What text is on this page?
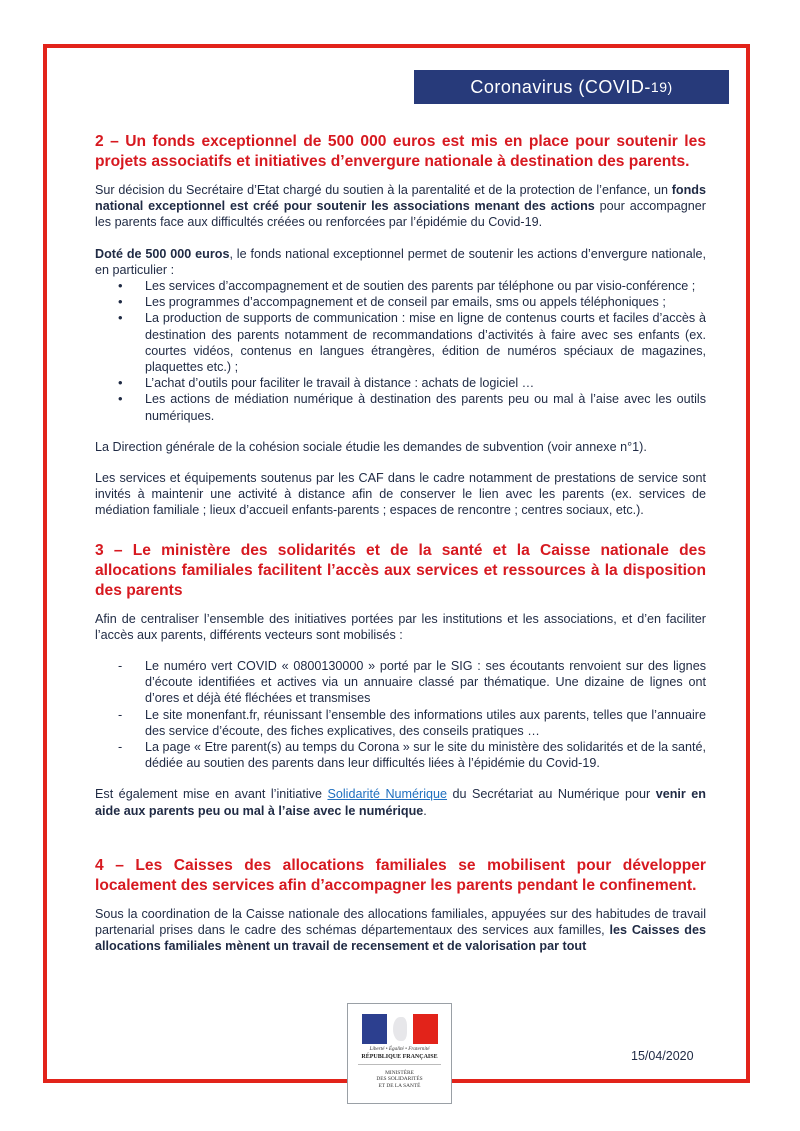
Coronavirus (COVID- 19)
2 – Un fonds exceptionnel de 500 000 euros est mis en place pour soutenir les projets associatifs et initiatives d’envergure nationale à destination des parents.

Sur décision du Secrétaire d’Etat chargé du soutien à la parentalité et de la protection de l’enfance, un fonds national exceptionnel est créé pour soutenir les associations menant des actions pour accompagner les parents face aux difficultés créées ou renforcées par l’épidémie du Covid-19.

Doté de 500 000 euros, le fonds national exceptionnel permet de soutenir les actions d’envergure nationale, en particulier :

• Les services d’accompagnement et de soutien des parents par téléphone ou par visio-conférence ;
• Les programmes d’accompagnement et de conseil par emails, sms ou appels téléphoniques ;
• La production de supports de communication : mise en ligne de contenus courts et faciles d’accès à destination des parents notamment de recommandations d’activités à faire avec ses enfants (ex. courtes vidéos, contenus en langues étrangères, édition de numéros spéciaux de magazines, plaquettes etc.) ;
• L’achat d’outils pour faciliter le travail à distance : achats de logiciel …
• Les actions de médiation numérique à destination des parents peu ou mal à l’aise avec les outils numériques.

La Direction générale de la cohésion sociale étudie les demandes de subvention (voir annexe n°1).

Les services et équipements soutenus par les CAF dans le cadre notamment de prestations de service sont invités à maintenir une activité à distance afin de conserver le lien avec les parents (ex. services de médiation familiale ; lieux d’accueil enfants-parents ; espaces de rencontre ; centres sociaux, etc.).

3 – Le ministère des solidarités et de la santé et la Caisse nationale des allocations familiales facilitent l’accès aux services et ressources à la disposition des parents

Afin de centraliser l’ensemble des initiatives portées par les institutions et les associations, et d’en faciliter l’accès aux parents, différents vecteurs sont mobilisés :

- Le numéro vert COVID « 0800130000 » porté par le SIG : ses écoutants renvoient sur des lignes d’écoute identifiées et actives via un annuaire classé par thématique. Une dizaine de lignes ont d’ores et déjà été fléchées et transmises
- Le site monenfant.fr, réunissant l’ensemble des informations utiles aux parents, telles que l’annuaire des service d’écoute, des fiches explicatives, des conseils pratiques …
- La page « Etre parent(s) au temps du Corona » sur le site du ministère des solidarités et de la santé, dédiée au soutien des parents dans leur difficultés liées à l’épidémie du Covid-19.

Est également mise en avant l’initiative Solidarité Numérique du Secrétariat au Numérique pour venir en aide aux parents peu ou mal à l’aise avec le numérique.

4 – Les Caisses des allocations familiales se mobilisent pour développer localement des services afin d’accompagner les parents pendant le confinement.

Sous la coordination de la Caisse nationale des allocations familiales, appuyées sur des habitudes de travail partenarial prises dans le cadre des schémas départementaux des services aux familles, les Caisses des allocations familiales mènent un travail de recensement et de valorisation par tout

Liberté • Égalité • Fraternité
RÉPUBLIQUE FRANÇAISE
MINISTÈRE
DES SOLIDARITÉS
ET DE LA SANTÉ
15/04/2020
